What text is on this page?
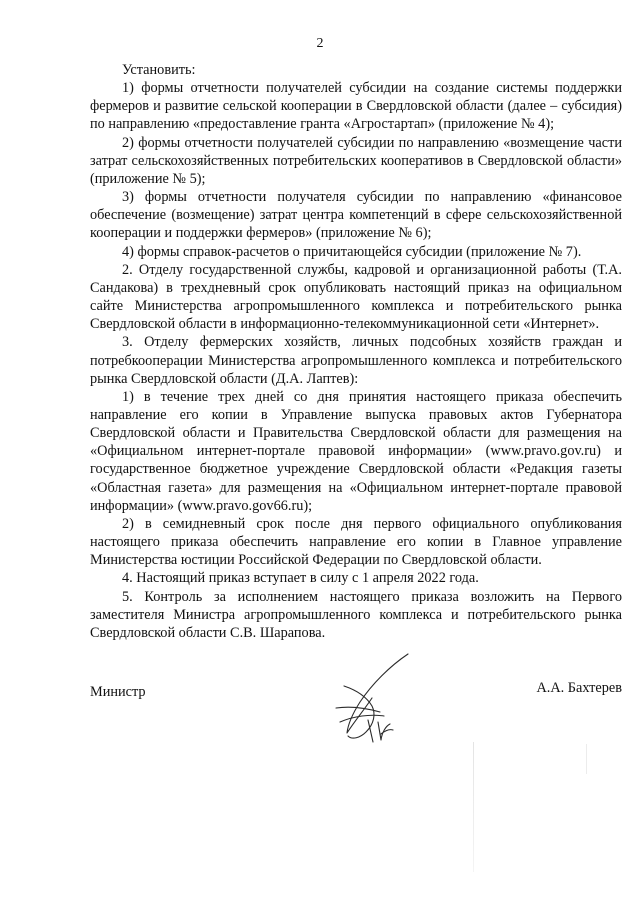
2

Установить:

1) формы отчетности получателей субсидии на создание системы поддержки фермеров и развитие сельской кооперации в Свердловской области (далее – субсидия) по направлению «предоставление гранта «Агростартап» (приложение № 4);

2) формы отчетности получателей субсидии по направлению «возмещение части затрат сельскохозяйственных потребительских кооперативов в Свердловской области» (приложение № 5);

3) формы отчетности получателя субсидии по направлению «финансовое обеспечение (возмещение) затрат центра компетенций в сфере сельскохозяйственной кооперации и поддержки фермеров» (приложение № 6);

4) формы справок-расчетов о причитающейся субсидии (приложение № 7).

2. Отделу государственной службы, кадровой и организационной работы (Т.А. Сандакова) в трехдневный срок опубликовать настоящий приказ на официальном сайте Министерства агропромышленного комплекса и потребительского рынка Свердловской области в информационно-телекоммуникационной сети «Интернет».

3. Отделу фермерских хозяйств, личных подсобных хозяйств граждан и потребкооперации Министерства агропромышленного комплекса и потребительского рынка Свердловской области (Д.А. Лаптев):

1) в течение трех дней со дня принятия настоящего приказа обеспечить направление его копии в Управление выпуска правовых актов Губернатора Свердловской области и Правительства Свердловской области для размещения на «Официальном интернет-портале правовой информации» (www.pravo.gov.ru) и государственное бюджетное учреждение Свердловской области «Редакция газеты «Областная газета» для размещения на «Официальном интернет-портале правовой информации» (www.pravo.gov66.ru);

2) в семидневный срок после дня первого официального опубликования настоящего приказа обеспечить направление его копии в Главное управление Министерства юстиции Российской Федерации по Свердловской области.

4. Настоящий приказ вступает в силу с 1 апреля 2022 года.

5. Контроль за исполнением настоящего приказа возложить на Первого заместителя Министра агропромышленного комплекса и потребительского рынка Свердловской области С.В. Шарапова.

Министр	А.А. Бахтерев
